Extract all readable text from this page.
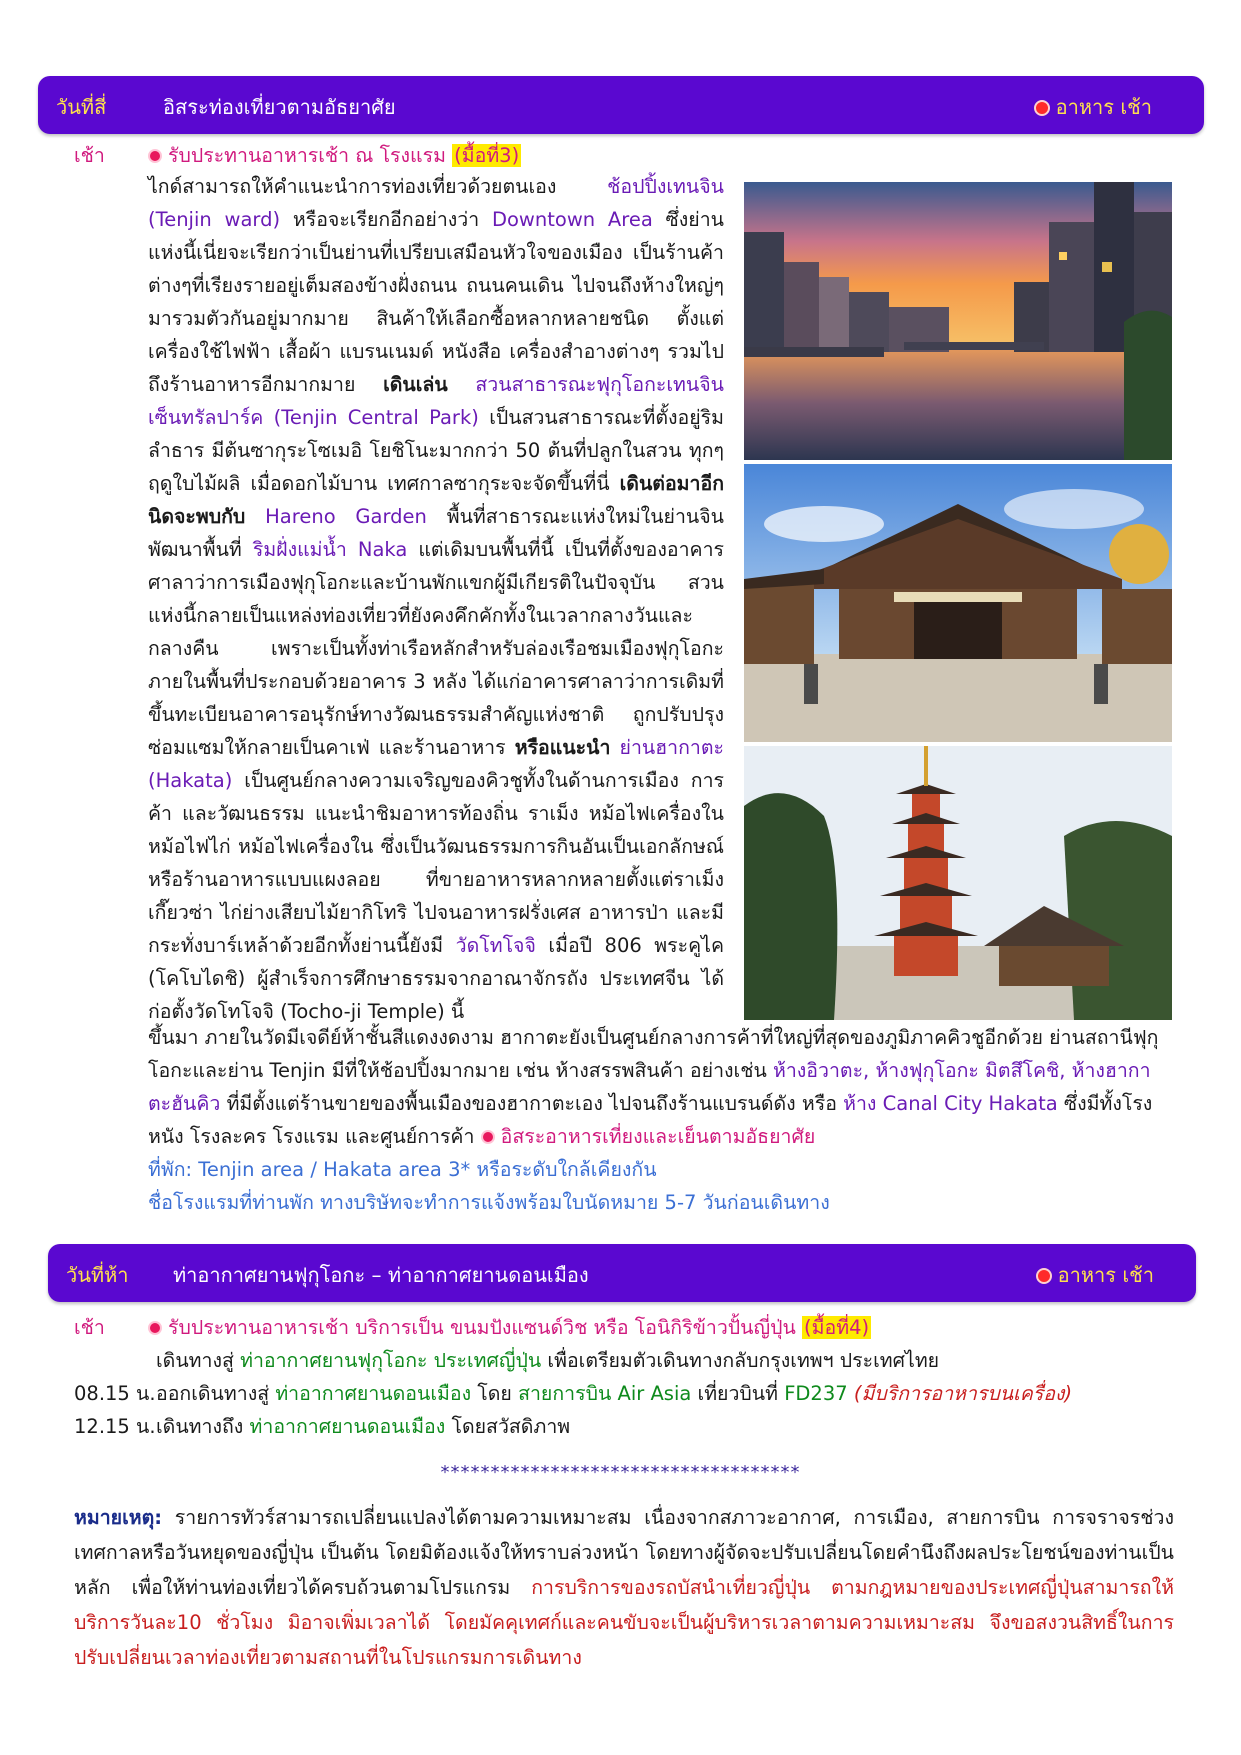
วันที่สี่	อิสระท่องเที่ยวตามอัธยาศัย	อาหาร เช้า
เช้า	รับประทานอาหารเช้า ณ โรงแรม (มื้อที่3)

ไกด์สามารถให้คำแนะนำการท่องเที่ยวด้วยตนเอง ช้อปปิ้งเทนจิน (Tenjin ward) หรือจะเรียกอีกอย่างว่า Downtown Area ซึ่งย่านแห่งนี้เนี่ยจะเรียกว่าเป็นย่านที่เปรียบเสมือนหัวใจของเมือง เป็นร้านค้าต่างๆที่เรียงรายอยู่เต็มสองข้างฝั่งถนน ถนนคนเดิน ไปจนถึงห้างใหญ่ๆมารวมตัวกันอยู่มากมาย สินค้าให้เลือกซื้อหลากหลายชนิด ตั้งแต่เครื่องใช้ไฟฟ้า เสื้อผ้า แบรนเนมด์ หนังสือ เครื่องสำอางต่างๆ รวมไปถึงร้านอาหารอีกมากมาย เดินเล่น สวนสาธารณะฟุกุโอกะเทนจินเซ็นทรัลปาร์ค (Tenjin Central Park) เป็นสวนสาธารณะที่ตั้งอยู่ริมลำธาร มีต้นซากุระโซเมอิ โยชิโนะมากกว่า 50 ต้นที่ปลูกในสวน ทุกๆฤดูใบไม้ผลิ เมื่อดอกไม้บาน เทศกาลซากุระจะจัดขึ้นที่นี่ เดินต่อมาอีกนิดจะพบกับ Hareno Garden พื้นที่สาธารณะแห่งใหม่ในย่านจิน พัฒนาพื้นที่ ริมฝั่งแม่น้ำ Naka แต่เดิมบนพื้นที่นี้ เป็นที่ตั้งของอาคารศาลาว่าการเมืองฟุกุโอกะและบ้านพักแขกผู้มีเกียรติในปัจจุบัน สวนแห่งนี้กลายเป็นแหล่งท่องเที่ยวที่ยังคงคึกคักทั้งในเวลากลางวันและกลางคืน เพราะเป็นทั้งท่าเรือหลักสำหรับล่องเรือชมเมืองฟุกุโอกะ ภายในพื้นที่ประกอบด้วยอาคาร 3 หลัง ได้แก่อาคารศาลาว่าการเดิมที่ขึ้นทะเบียนอาคารอนุรักษ์ทางวัฒนธรรมสำคัญแห่งชาติ ถูกปรับปรุงซ่อมแซมให้กลายเป็นคาเฟ่ และร้านอาหาร หรือแนะนำ ย่านฮากาตะ (Hakata) เป็นศูนย์กลางความเจริญของคิวชูทั้งในด้านการเมือง การค้า และวัฒนธรรม แนะนำชิมอาหารท้องถิ่น ราเม็ง หม้อไฟเครื่องใน หม้อไฟไก่ หม้อไฟเครื่องใน ซึ่งเป็นวัฒนธรรมการกินอันเป็นเอกลักษณ์ หรือร้านอาหารแบบแผงลอย ที่ขายอาหารหลากหลายตั้งแต่ราเม็ง เกี๊ยวซ่า ไก่ย่างเสียบไม้ยากิโทริ ไปจนอาหารฝรั่งเศส อาหารป่า และมีกระทั่งบาร์เหล้าด้วยอีกทั้งย่านนี้ยังมี วัดโทโจจิ เมื่อปี 806 พระคูไค (โคโบไดชิ) ผู้สำเร็จการศึกษาธรรมจากอาณาจักรถัง ประเทศจีน ได้ก่อตั้งวัดโทโจจิ (Tocho-ji Temple) นี้

ขึ้นมา ภายในวัดมีเจดีย์ห้าชั้นสีแดงงดงาม ฮากาตะยังเป็นศูนย์กลางการค้าที่ใหญ่ที่สุดของภูมิภาคคิวชูอีกด้วย ย่านสถานีฟุกุโอกะและย่าน Tenjin มีที่ให้ช้อปปิ้งมากมาย เช่น ห้างสรรพสินค้า อย่างเช่น ห้างอิวาตะ, ห้างฟุกุโอกะ มิตสึโคชิ, ห้างฮากาตะฮันคิว ที่มีตั้งแต่ร้านขายของพื้นเมืองของฮากาตะเอง ไปจนถึงร้านแบรนด์ดัง หรือ ห้าง Canal City Hakata ซึ่งมีทั้งโรงหนัง โรงละคร โรงแรม และศูนย์การค้า อิสระอาหารเที่ยงและเย็นตามอัธยาศัย
ที่พัก: Tenjin area / Hakata area 3* หรือระดับใกล้เคียงกัน
ชื่อโรงแรมที่ท่านพัก ทางบริษัทจะทำการแจ้งพร้อมใบนัดหมาย 5-7 วันก่อนเดินทาง
วันที่ห้า ท่าอากาศยานฟุกุโอกะ – ท่าอากาศยานดอนเมือง	อาหาร เช้า
เช้า	รับประทานอาหารเช้า บริการเป็น ขนมปังแซนด์วิช หรือ โอนิกิริข้าวปั้นญี่ปุ่น (มื้อที่4)
เดินทางสู่ ท่าอากาศยานฟุกุโอกะ ประเทศญี่ปุ่น เพื่อเตรียมตัวเดินทางกลับกรุงเทพฯ ประเทศไทย
08.15 น. ออกเดินทางสู่ ท่าอากาศยานดอนเมือง โดย สายการบิน Air Asia เที่ยวบินที่ FD237 (มีบริการอาหารบนเครื่อง)
12.15 น. เดินทางถึง ท่าอากาศยานดอนเมือง โดยสวัสดิภาพ
************************************
หมายเหตุ: รายการทัวร์สามารถเปลี่ยนแปลงได้ตามความเหมาะสม เนื่องจากสภาวะอากาศ, การเมือง, สายการบิน การจราจรช่วงเทศกาลหรือวันหยุดของญี่ปุ่น เป็นต้น โดยมิต้องแจ้งให้ทราบล่วงหน้า โดยทางผู้จัดจะปรับเปลี่ยนโดยคำนึงถึงผลประโยชน์ของท่านเป็นหลัก เพื่อให้ท่านท่องเที่ยวได้ครบถ้วนตามโปรแกรม การบริการของรถบัสนำเที่ยวญี่ปุ่น ตามกฎหมายของประเทศญี่ปุ่นสามารถให้บริการวันละ10 ชั่วโมง มิอาจเพิ่มเวลาได้ โดยมัคคุเทศก์และคนขับจะเป็นผู้บริหารเวลาตามความเหมาะสม จึงขอสงวนสิทธิ์ในการปรับเปลี่ยนเวลาท่องเที่ยวตามสถานที่ในโปรแกรมการเดินทาง
